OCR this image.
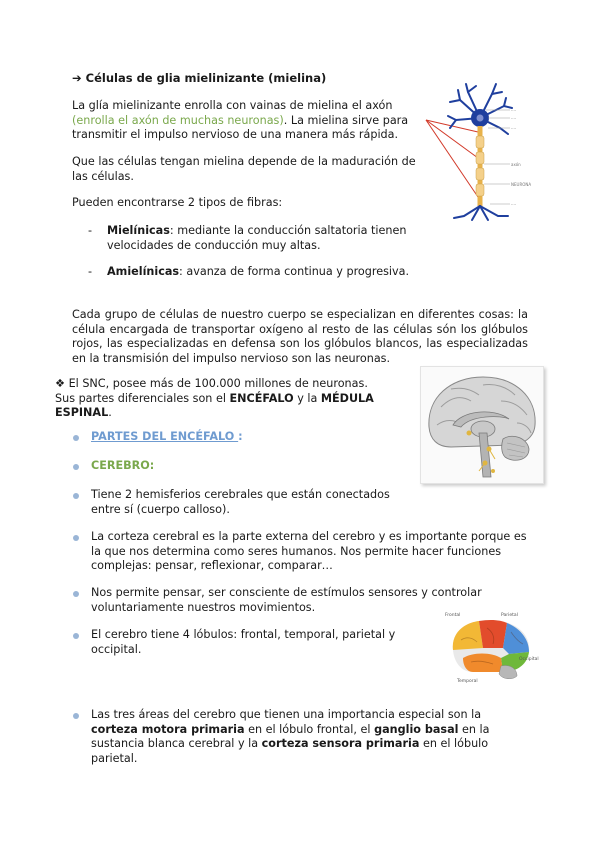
➔ Células de glia mielinizante (mielina)
La glía mielinizante enrolla con vainas de mielina el axón (enrolla el axón de muchas neuronas). La mielina sirve para transmitir el impulso nervioso de una manera más rápida.
Que las células tengan mielina depende de la maduración de las células.
Pueden encontrarse 2 tipos de fibras:
- Mielínicas: mediante la conducción saltatoria tienen velocidades de conducción muy altas.
- Amielínicas: avanza de forma continua y progresiva.
Cada grupo de células de nuestro cuerpo se especializan en diferentes cosas: la célula encargada de transportar oxígeno al resto de las células són los glóbulos rojos, las especializadas en defensa son los glóbulos blancos, las especializadas en la transmisión del impulso nervioso son las neuronas.
❖ El SNC, posee más de 100.000 millones de neuronas. Sus partes diferenciales son el ENCÉFALO y la MÉDULA ESPINAL.
PARTES DEL ENCÉFALO :
CEREBRO:
Tiene 2 hemisferios cerebrales que están conectados entre sí (cuerpo calloso).
La corteza cerebral es la parte externa del cerebro y es importante porque es la que nos determina como seres humanos. Nos permite hacer funciones complejas: pensar, reflexionar, comparar…
Nos permite pensar, ser consciente de estímulos sensores y controlar voluntariamente nuestros movimientos.
El cerebro tiene 4 lóbulos: frontal, temporal, parietal y occipital.
Las tres áreas del cerebro que tienen una importancia especial son la corteza motora primaria en el lóbulo frontal, el ganglio basal en la sustancia blanca cerebral y la corteza sensora primaria en el lóbulo parietal.
····
····
····
axón
NEURONA
····
Frontal	Parietal
Occipital
Temporal
